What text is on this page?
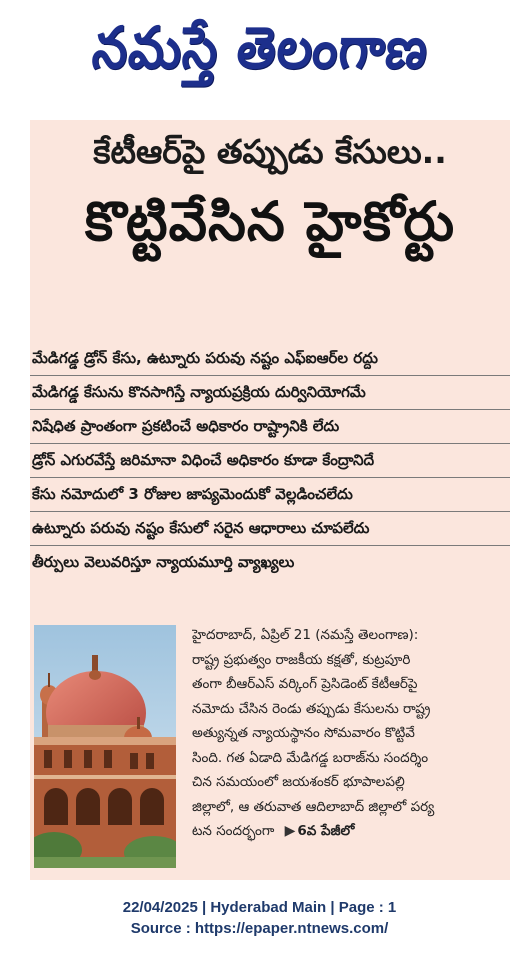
నమస్తే తెలంగాణ
కేటీఆర్‌పై తప్పుడు కేసులు..
కొట్టివేసిన హైకోర్టు
మేడిగడ్డ డ్రోన్ కేసు, ఉట్నూరు పరువు నష్టం ఎఫ్‌ఐఆర్‌ల రద్దు
మేడిగడ్డ కేసును కొనసాగిస్తే న్యాయప్రక్రియ దుర్వినియోగమే
నిషేధిత ప్రాంతంగా ప్రకటించే అధికారం రాష్ట్రానికి లేదు
డ్రోన్ ఎగురవేస్తే జరిమానా విధించే అధికారం కూడా కేంద్రానిదే
కేసు నమోదులో 3 రోజుల జాప్యమెందుకో వెల్లడించలేదు
ఉట్నూరు పరువు నష్టం కేసులో సరైన ఆధారాలు చూపలేదు
తీర్పులు వెలువరిస్తూ న్యాయమూర్తి వ్యాఖ్యలు
హైదరాబాద్, ఏప్రిల్ 21 (నమస్తే తెలంగాణ):
రాష్ట్ర ప్రభుత్వం రాజకీయ కక్షతో, కుట్రపూరి
తంగా బీఆర్‌ఎస్ వర్కింగ్ ప్రెసిడెంట్ కేటీఆర్‌పై
నమోదు చేసిన రెండు తప్పుడు కేసులను రాష్ట్ర
అత్యున్నత న్యాయస్థానం సోమవారం కొట్టివే
సింది. గత ఏడాది మేడిగడ్డ బరాజ్‌ను సందర్శిం
చిన సమయంలో జయశంకర్ భూపాలపల్లి
జిల్లాలో, ఆ తరువాత ఆదిలాబాద్ జిల్లాలో పర్య
టన సందర్భంగా ▶ 6వ పేజీలో
22/04/2025 | Hyderabad Main | Page : 1
Source : https://epaper.ntnews.com/
